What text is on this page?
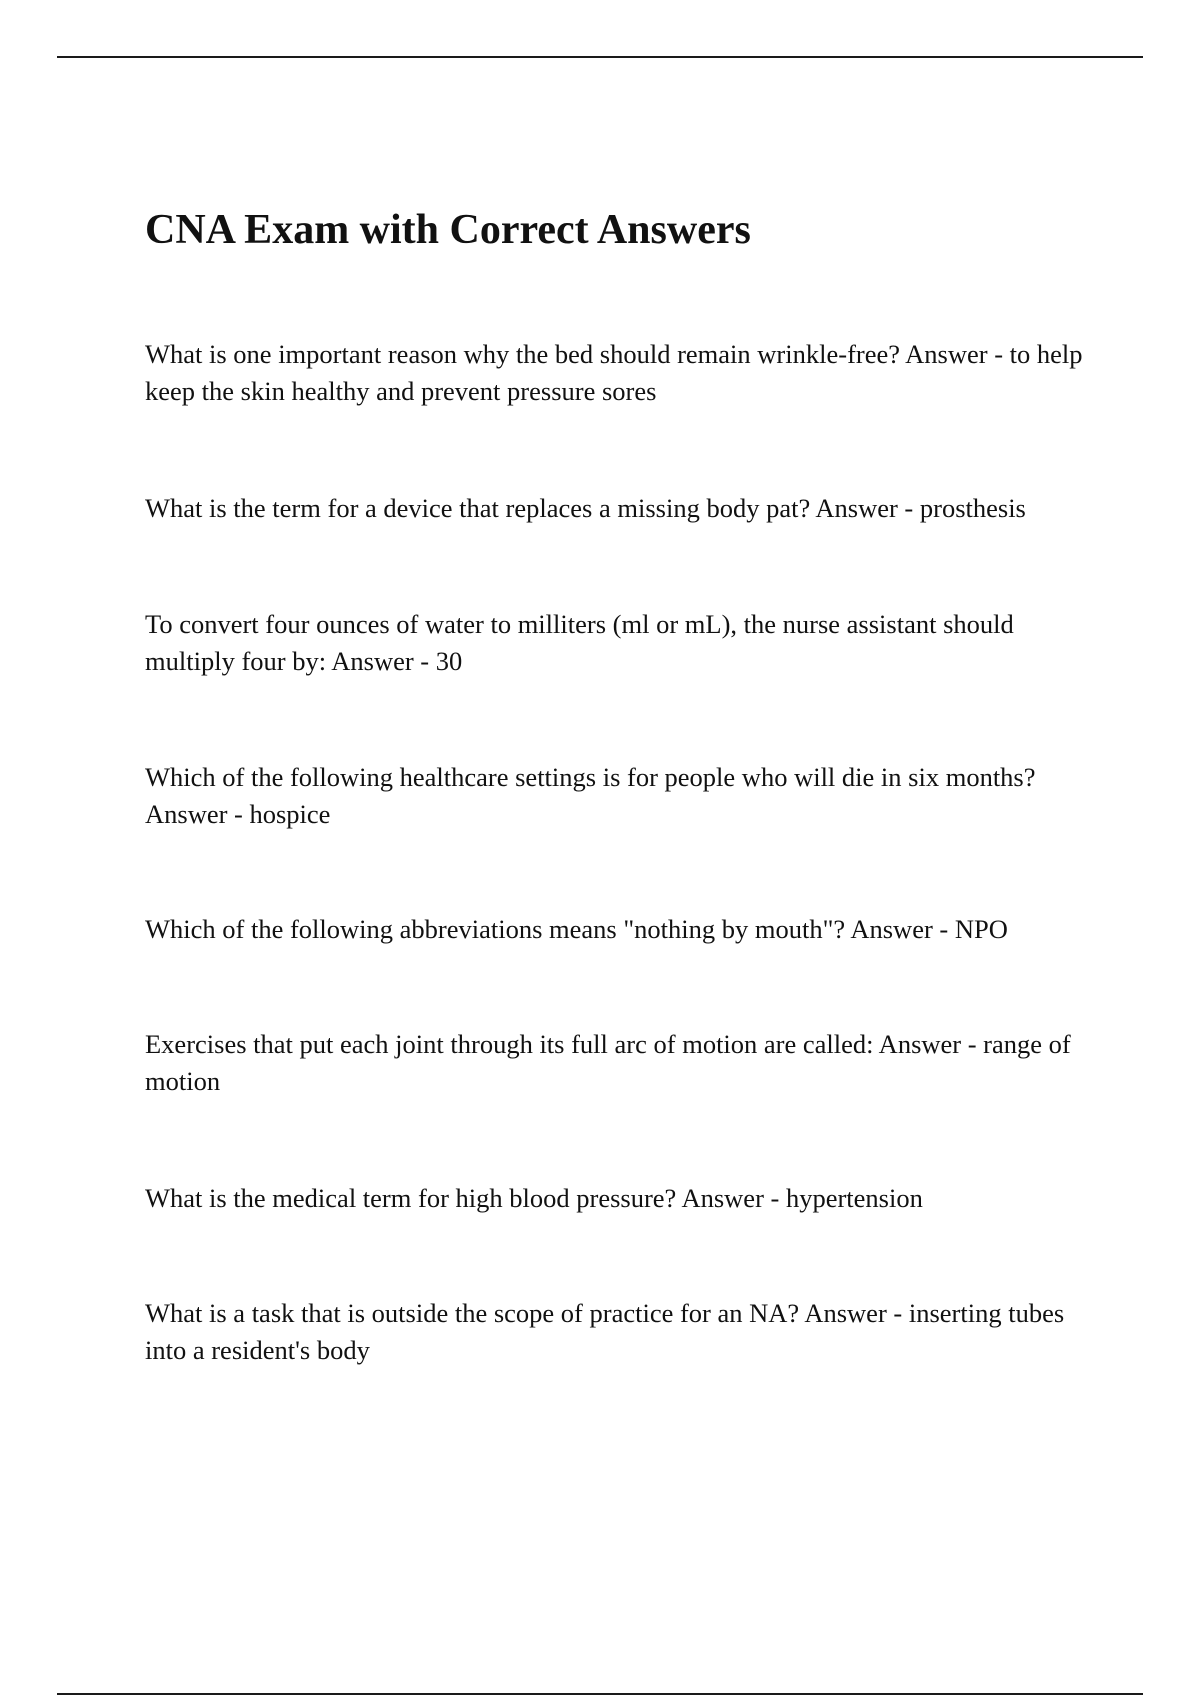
CNA Exam with Correct Answers

What is one important reason why the bed should remain wrinkle-free? Answer - to help keep the skin healthy and prevent pressure sores

What is the term for a device that replaces a missing body pat? Answer - prosthesis

To convert four ounces of water to milliters (ml or mL), the nurse assistant should multiply four by: Answer - 30

Which of the following healthcare settings is for people who will die in six months? Answer - hospice

Which of the following abbreviations means "nothing by mouth"? Answer - NPO

Exercises that put each joint through its full arc of motion are called: Answer - range of motion

What is the medical term for high blood pressure? Answer - hypertension

What is a task that is outside the scope of practice for an NA? Answer - inserting tubes into a resident's body
